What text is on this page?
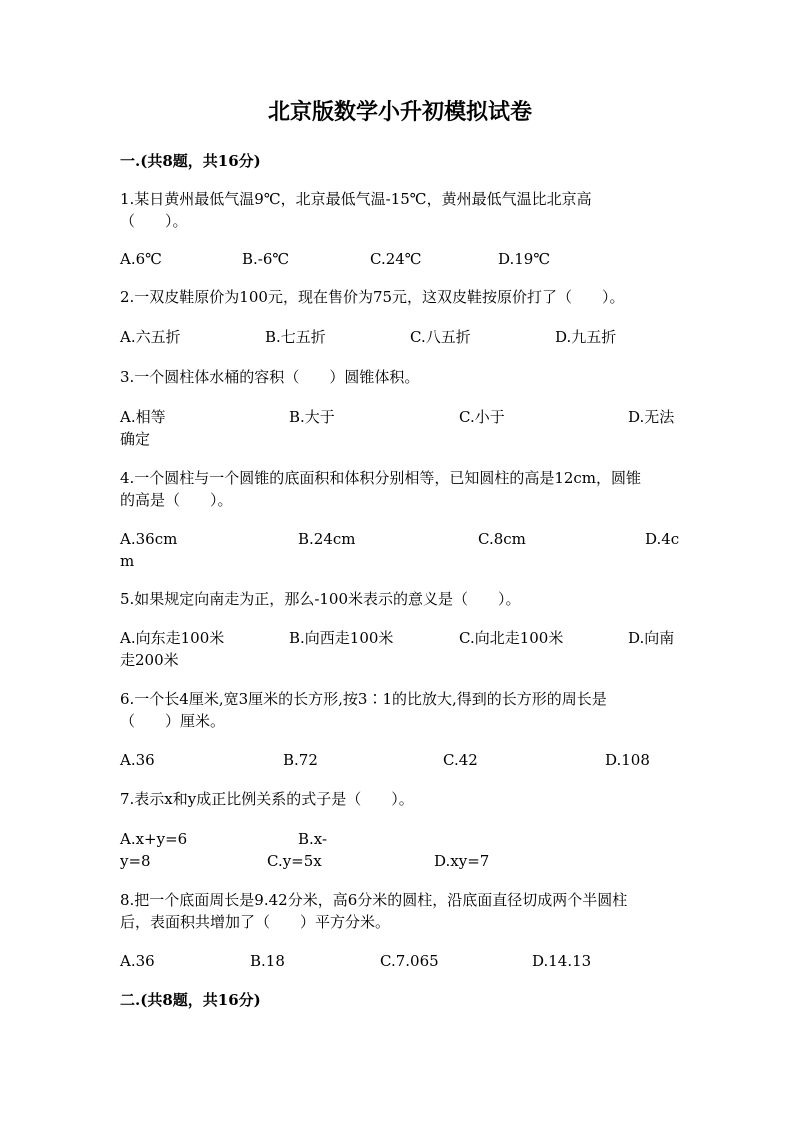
北京版数学小升初模拟试卷
一.(共8题，共16分)
1.某日黄州最低气温9℃，北京最低气温-15℃，黄州最低气温比北京高
（　　）。
A.6℃	B.-6℃	C.24℃	D.19℃
2.一双皮鞋原价为100元，现在售价为75元，这双皮鞋按原价打了（　　）。
A.六五折	B.七五折	C.八五折	D.九五折
3.一个圆柱体水桶的容积（　　）圆锥体积。
A.相等	B.大于	C.小于	D.无法
确定
4.一个圆柱与一个圆锥的底面积和体积分别相等，已知圆柱的高是12cm，圆锥
的高是（　　）。
A.36cm	B.24cm	C.8cm	D.4c
m
5.如果规定向南走为正，那么-100米表示的意义是（　　）。
A.向东走100米	B.向西走100米	C.向北走100米	D.向南
走200米
6.一个长4厘米,宽3厘米的长方形,按3∶1的比放大,得到的长方形的周长是
（　　）厘米。
A.36	B.72	C.42	D.108
7.表示x和y成正比例关系的式子是（　　）。
A.x+y=6	B.x-
y=8	C.y=5x	D.xy=7
8.把一个底面周长是9.42分米，高6分米的圆柱，沿底面直径切成两个半圆柱
后，表面积共增加了（　　）平方分米。
A.36	B.18	C.7.065	D.14.13
二.(共8题，共16分)
